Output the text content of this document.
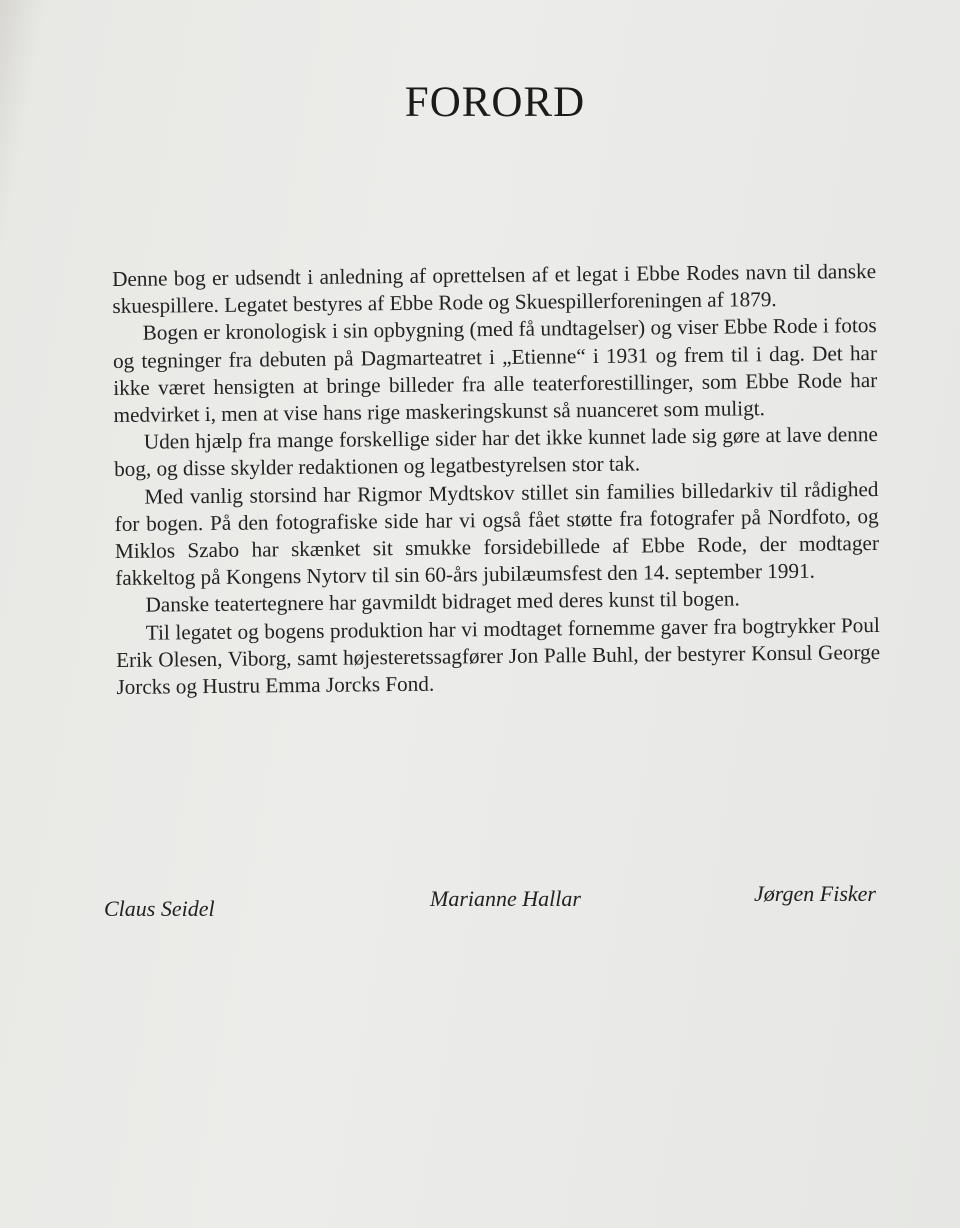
FORORD

Denne bog er udsendt i anledning af oprettelsen af et legat i Ebbe Rodes navn til danske skuespillere. Legatet bestyres af Ebbe Rode og Skuespillerforeningen af 1879.

Bogen er kronologisk i sin opbygning (med få undtagelser) og viser Ebbe Rode i fotos og tegninger fra debuten på Dagmarteatret i „Etienne“ i 1931 og frem til i dag. Det har ikke været hensigten at bringe billeder fra alle teaterforestillinger, som Ebbe Rode har medvirket i, men at vise hans rige maskeringskunst så nuanceret som muligt.

Uden hjælp fra mange forskellige sider har det ikke kunnet lade sig gøre at lave denne bog, og disse skylder redaktionen og legatbestyrelsen stor tak.

Med vanlig storsind har Rigmor Mydtskov stillet sin families billedarkiv til rådighed for bogen. På den fotografiske side har vi også fået støtte fra fotografer på Nordfoto, og Miklos Szabo har skænket sit smukke forsidebillede af Ebbe Rode, der modtager fakkeltog på Kongens Nytorv til sin 60-års jubilæumsfest den 14. september 1991.

Danske teatertegnere har gavmildt bidraget med deres kunst til bogen.

Til legatet og bogens produktion har vi modtaget fornemme gaver fra bogtrykker Poul Erik Olesen, Viborg, samt højesteretssagfører Jon Palle Buhl, der bestyrer Konsul George Jorcks og Hustru Emma Jorcks Fond.

Claus Seidel	Marianne Hallar	Jørgen Fisker
